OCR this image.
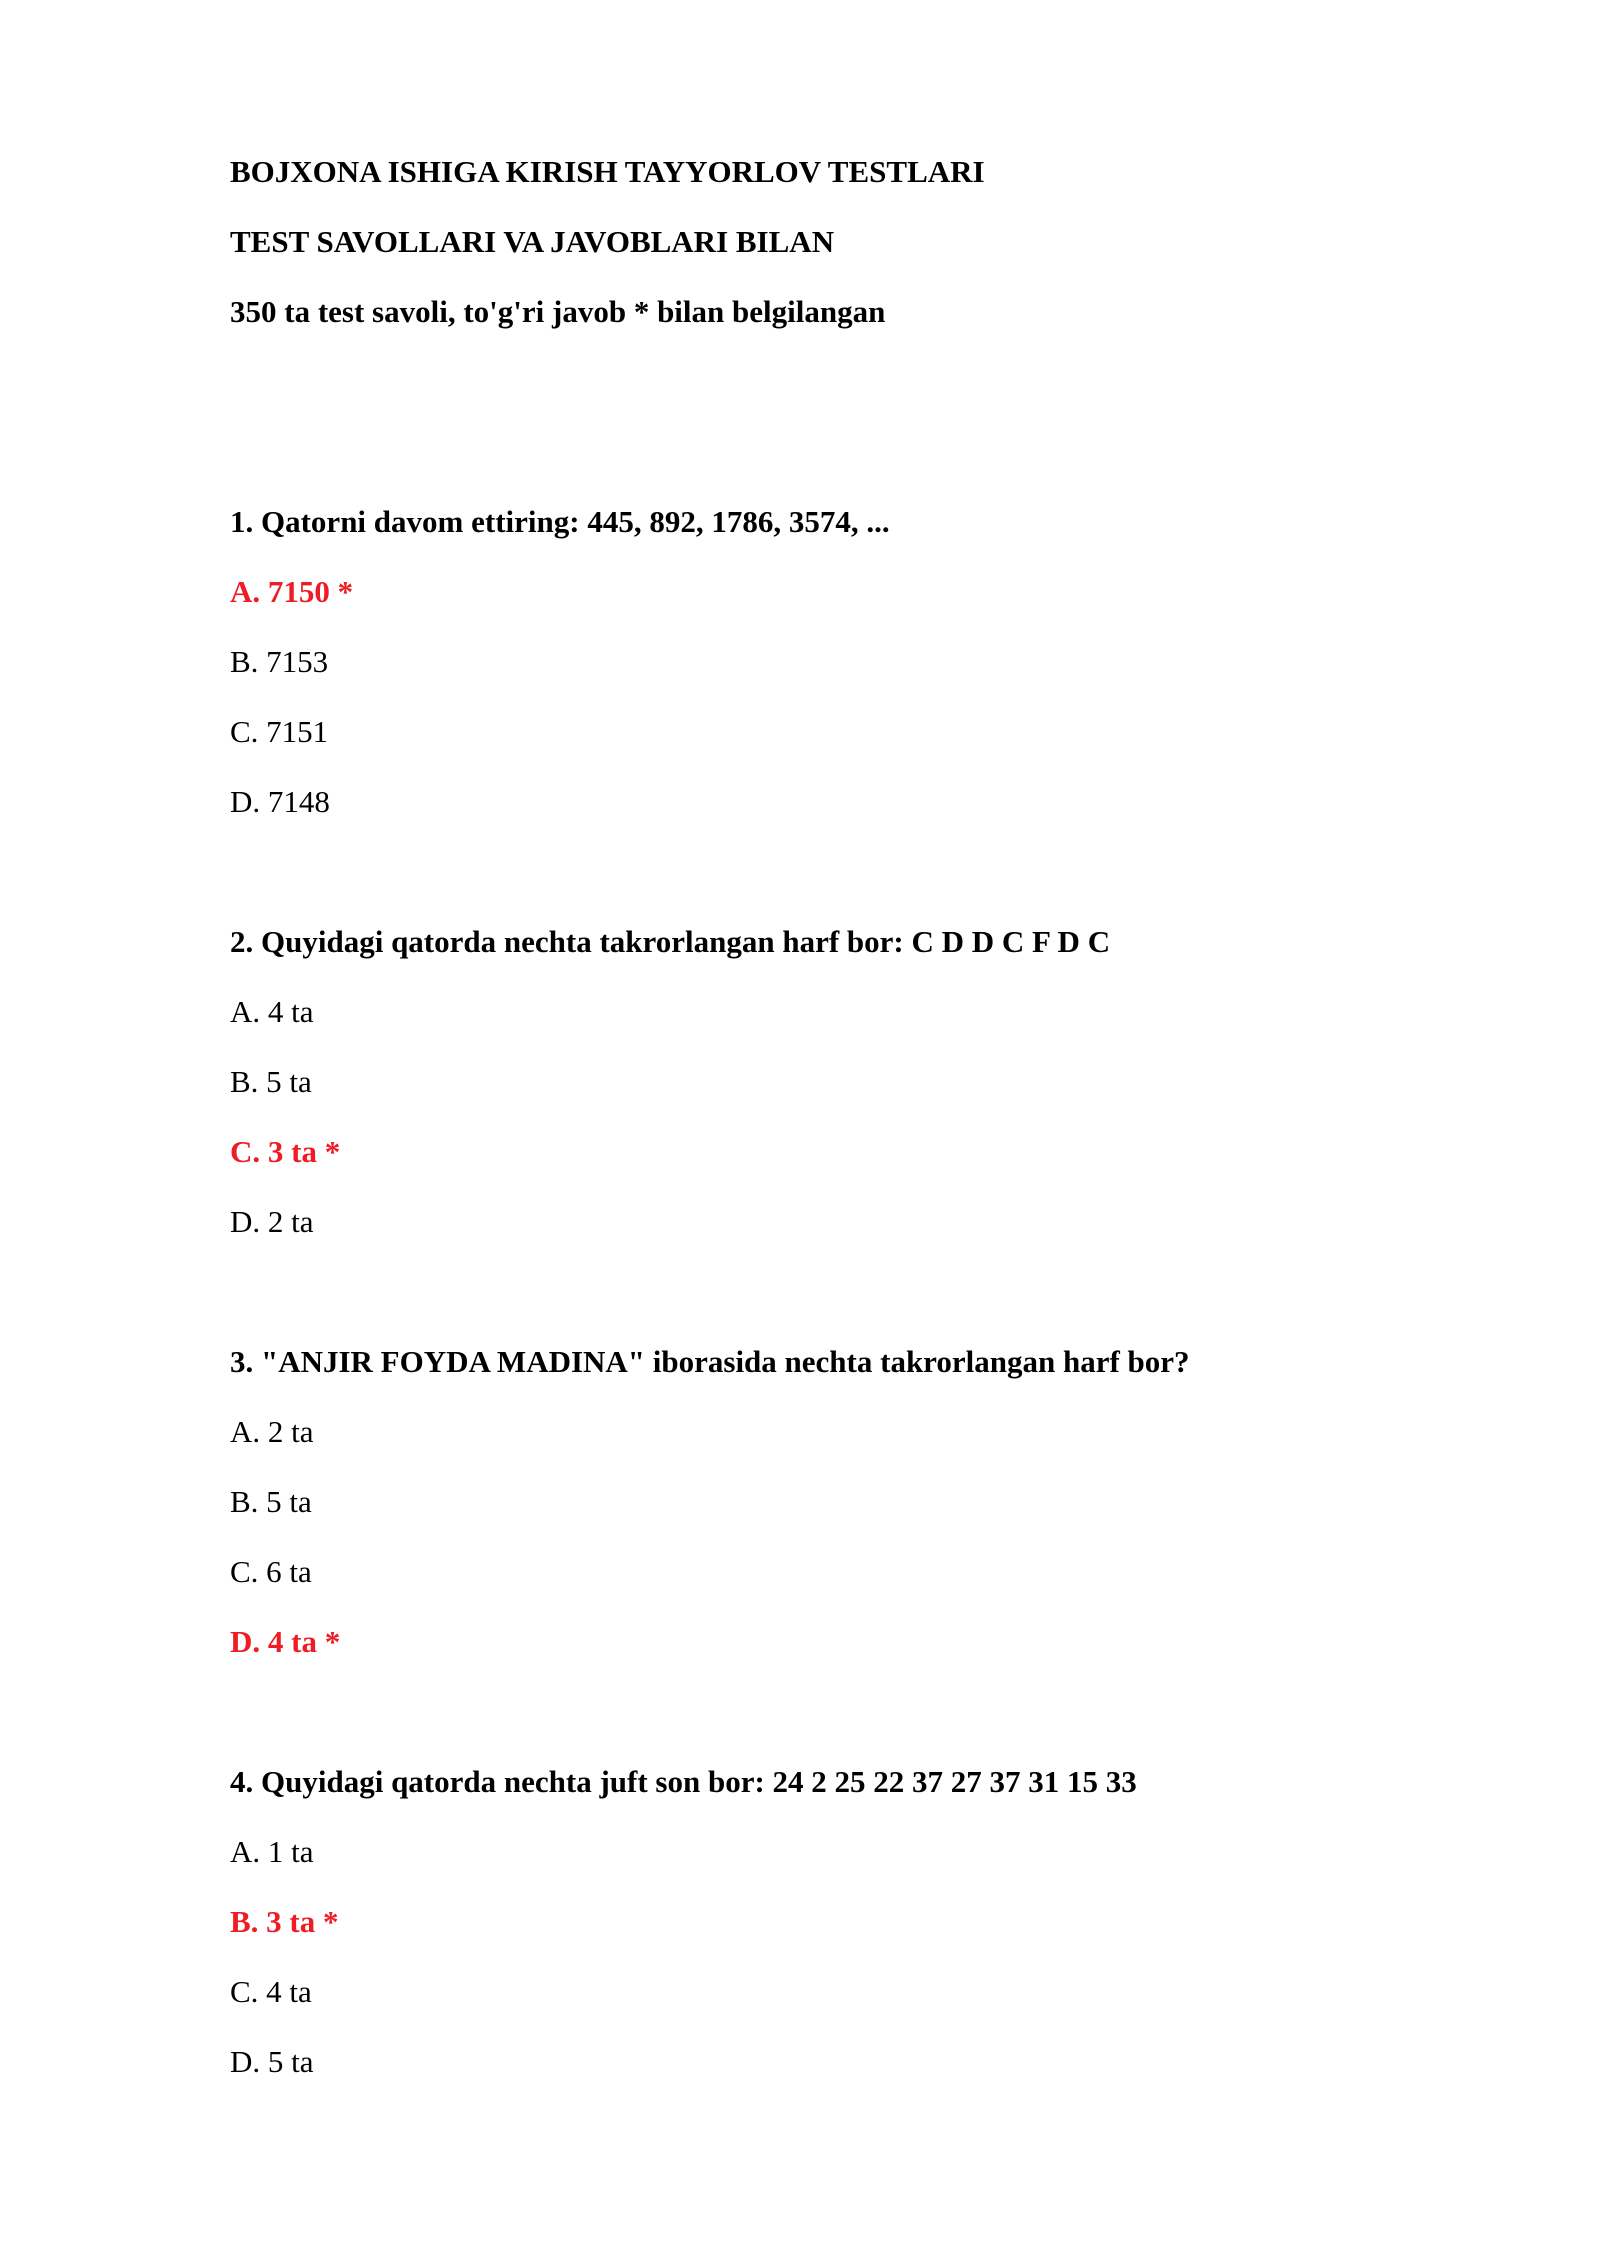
BOJXONA ISHIGA KIRISH TAYYORLOV TESTLARI
TEST SAVOLLARI VA JAVOBLARI BILAN
350 ta test savoli, to'g'ri javob * bilan belgilangan
1. Qatorni davom ettiring: 445, 892, 1786, 3574, ...
A. 7150 *
B. 7153
C. 7151
D. 7148
2. Quyidagi qatorda nechta takrorlangan harf bor: C D D C F D C
A. 4 ta
B. 5 ta
C. 3 ta *
D. 2 ta
3. "ANJIR FOYDA MADINA" iborasida nechta takrorlangan harf bor?
A. 2 ta
B. 5 ta
C. 6 ta
D. 4 ta *
4. Quyidagi qatorda nechta juft son bor: 24 2 25 22 37 27 37 31 15 33
A. 1 ta
B. 3 ta *
C. 4 ta
D. 5 ta
